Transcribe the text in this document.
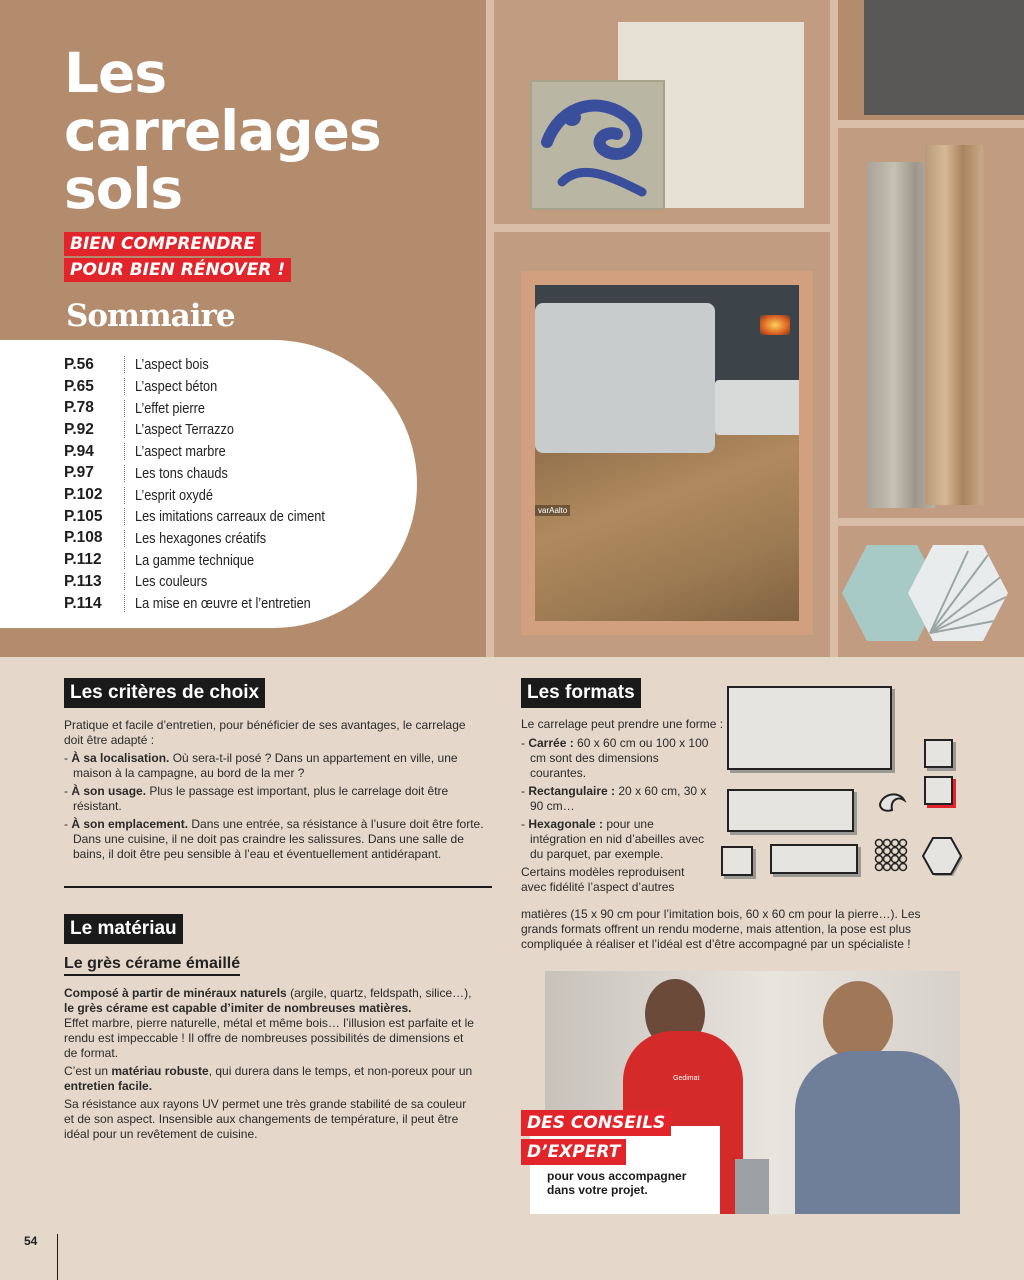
varAalto
Les
carrelages
sols
BIEN COMPRENDRE
POUR BIEN RÉNOVER !
Sommaire
P.56	L’aspect bois
P.65	L’aspect béton
P.78	L’effet pierre
P.92	L’aspect Terrazzo
P.94	L’aspect marbre
P.97	Les tons chauds
P.102	L’esprit oxydé
P.105	Les imitations carreaux de ciment
P.108	Les hexagones créatifs
P.112	La gamme technique
P.113	Les couleurs
P.114	La mise en œuvre et l’entretien
Les critères de choix

Pratique et facile d’entretien, pour bénéficier de ses avantages, le carrelage doit être adapté :

- À sa localisation. Où sera-t-il posé ? Dans un appartement en ville, une maison à la campagne, au bord de la mer ?

- À son usage. Plus le passage est important, plus le carrelage doit être résistant.

- À son emplacement. Dans une entrée, sa résistance à l’usure doit être forte. Dans une cuisine, il ne doit pas craindre les salissures. Dans une salle de bains, il doit être peu sensible à l’eau et éventuellement antidérapant.

Le matériau
Le grès cérame émaillé

Composé à partir de minéraux naturels (argile, quartz, feldspath, silice…),
le grès cérame est capable d’imiter de nombreuses matières.
Effet marbre, pierre naturelle, métal et même bois… l’illusion est parfaite et le rendu est impeccable ! Il offre de nombreuses possibilités de dimensions et de format.

C’est un matériau robuste, qui durera dans le temps, et non-poreux pour un entretien facile.

Sa résistance aux rayons UV permet une très grande stabilité de sa couleur et de son aspect. Insensible aux changements de température, il peut être idéal pour un revêtement de cuisine.

Les formats

Le carrelage peut prendre une forme :

- Carrée : 60 x 60 cm ou 100 x 100 cm sont des dimensions courantes.

- Rectangulaire : 20 x 60 cm, 30 x 90 cm…

- Hexagonale : pour une intégration en nid d’abeilles avec du parquet, par exemple.

Certains modèles reproduisent avec fidélité l’aspect d’autres

matières (15 x 90 cm pour l’imitation bois, 60 x 60 cm pour la pierre…). Les grands formats offrent un rendu moderne, mais attention, la pose est plus compliquée à réaliser et l’idéal est d’être accompagné par un spécialiste !
Gedimat
DES CONSEILS
D’EXPERT
pour vous accompagner dans votre projet.
54
